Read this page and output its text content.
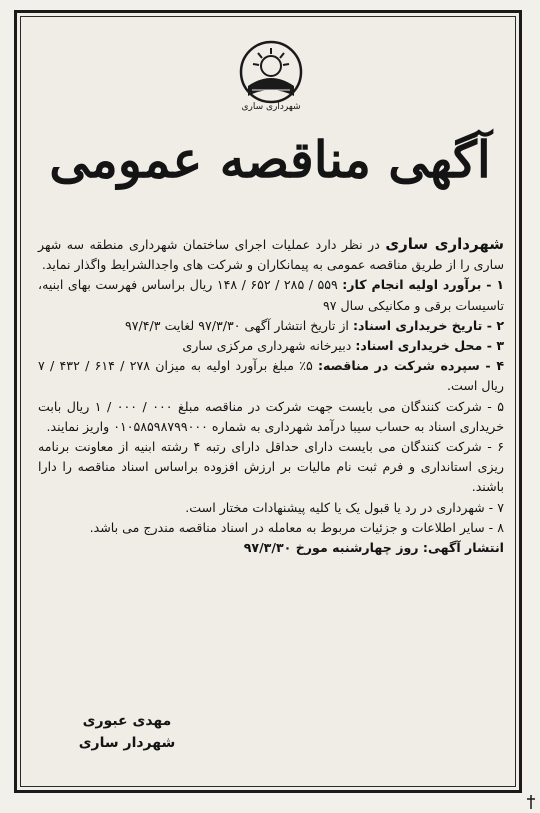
شهرداری ساری
آگهی مناقصه عمومی

شهرداری ساری در نظر دارد عملیات اجرای ساختمان شهرداری منطقه سه شهر ساری را از طریق مناقصه عمومی به پیمانکاران و شرکت های واجدالشرایط واگذار نماید.

۱ - برآورد اولیه انجام کار: ۵۵۹ / ۲۸۵ / ۶۵۲ / ۱۴۸ ریال براساس فهرست بهای ابنیه، تاسیسات برقی و مکانیکی سال ۹۷

۲ - تاریخ خریداری اسناد: از تاریخ انتشار آگهی ۹۷/۳/۳۰ لغایت ۹۷/۴/۳

۳ - محل خریداری اسناد: دبیرخانه شهرداری مرکزی ساری

۴ - سپرده شرکت در مناقصه: ۵٪ مبلغ برآورد اولیه به میزان ۲۷۸ / ۶۱۴ / ۴۳۲ / ۷ ریال است.

۵ - شرکت کنندگان می بایست جهت شرکت در مناقصه مبلغ ۰۰۰ / ۰۰۰ / ۱ ریال بابت خریداری اسناد به حساب سیبا درآمد شهرداری به شماره ۰۱۰۵۸۵۹۸۷۹۹۰۰۰ واریز نمایند.

۶ - شرکت کنندگان می بایست دارای حداقل دارای رتبه ۴ رشته ابنیه از معاونت برنامه ریزی استانداری و فرم ثبت نام مالیات بر ارزش افزوده براساس اسناد مناقصه را دارا باشند.

۷ - شهرداری در رد یا قبول یک یا کلیه پیشنهادات مختار است.

۸ - سایر اطلاعات و جزئیات مربوط به معامله در اسناد مناقصه مندرج می باشد.

انتشار آگهی: روز چهارشنبه مورخ ۹۷/۳/۳۰

مهدی عبوری
شهردار ساری
